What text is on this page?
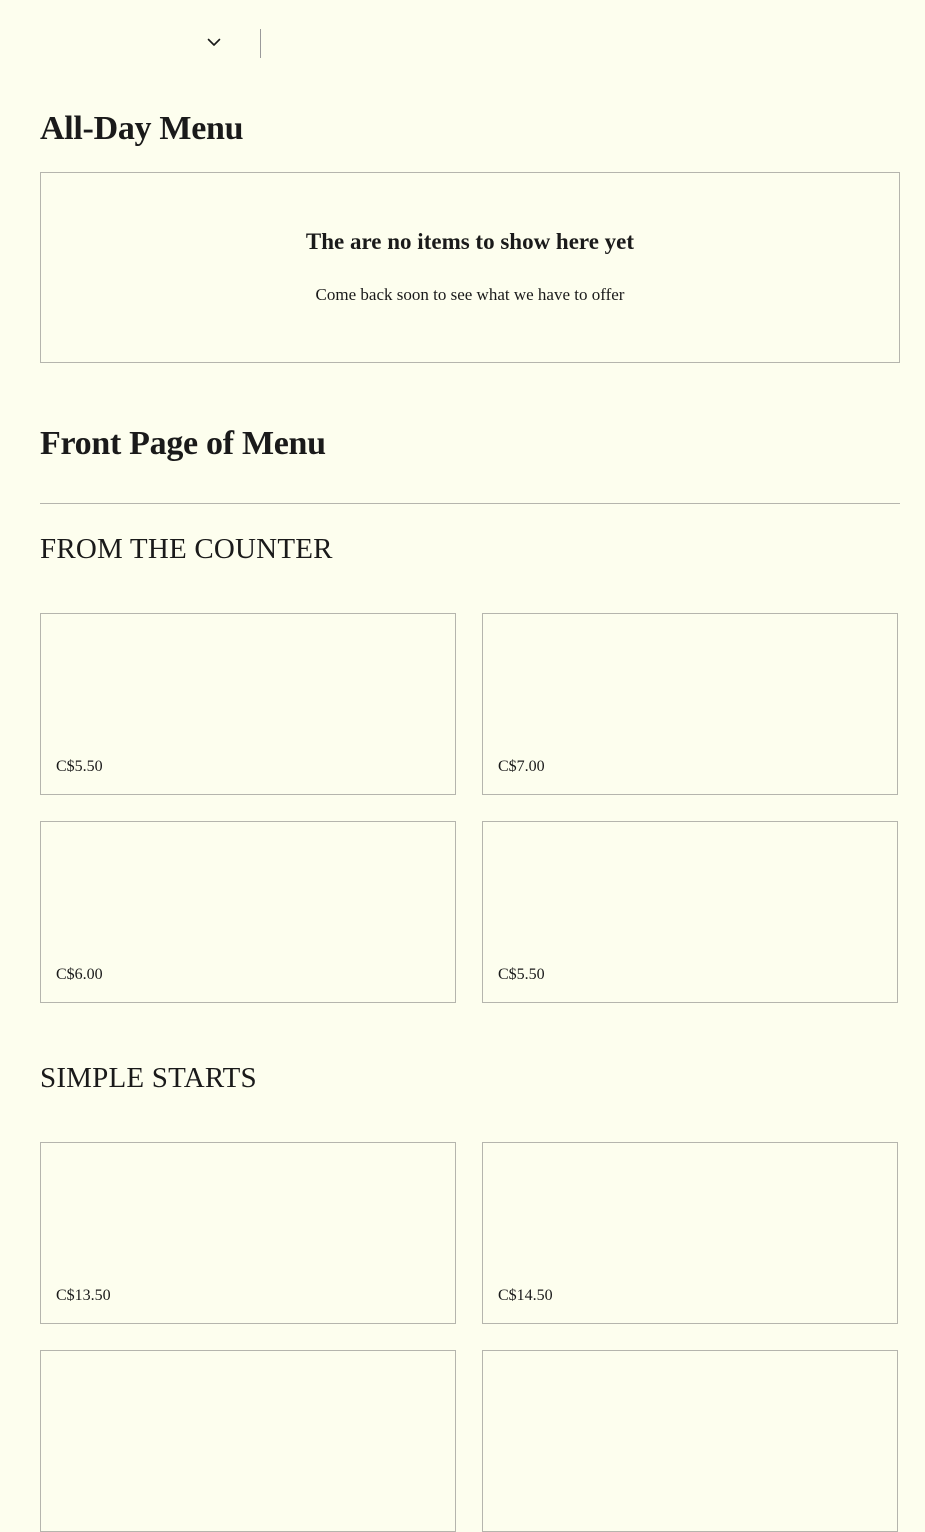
All-Day Menu

The are no items to show here yet

Come back soon to see what we have to offer

Front Page of Menu
FROM THE COUNTER
C$5.50	C$7.00
C$6.00	C$5.50
SIMPLE STARTS
C$13.50	C$14.50
